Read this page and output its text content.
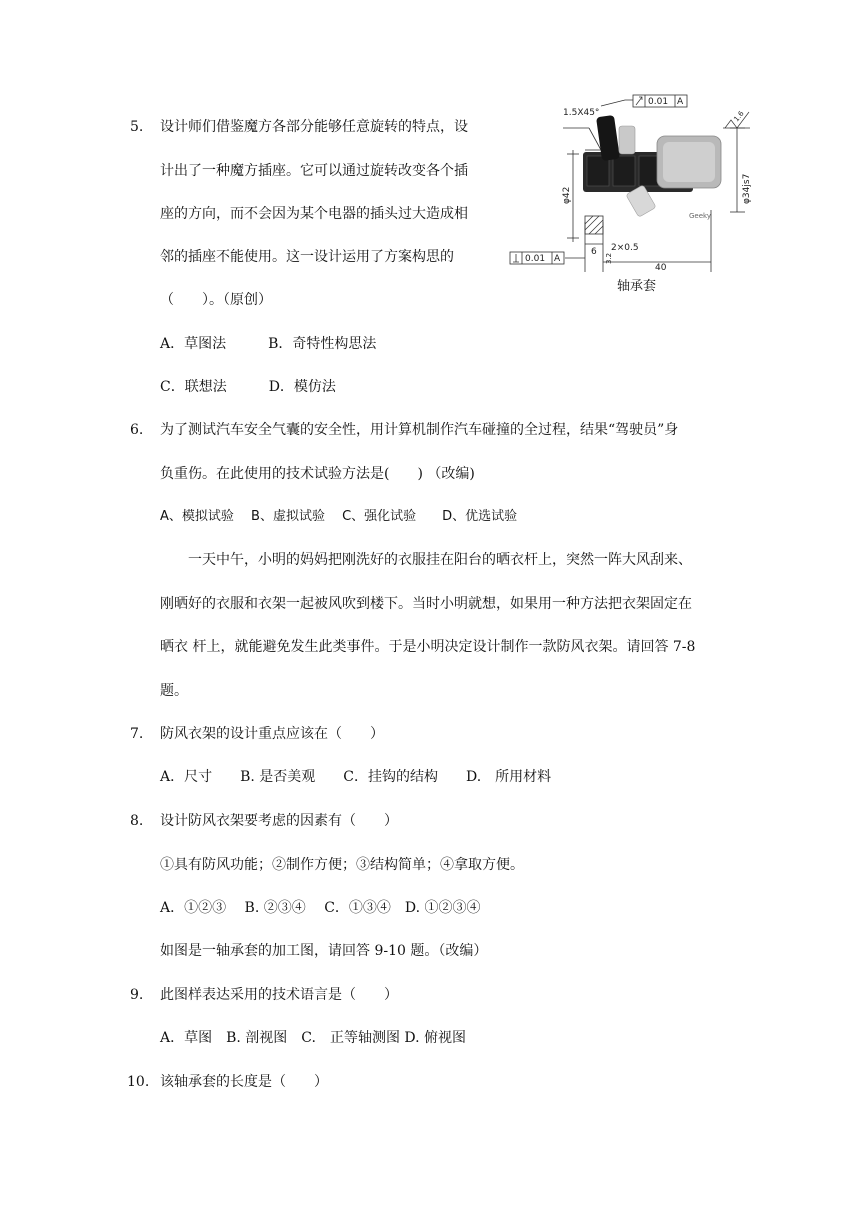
5. 设计师们借鉴魔方各部分能够任意旋转的特点，设
计出了一种魔方插座。它可以通过旋转改变各个插
座的方向，而不会因为某个电器的插头过大造成相
邻的插座不能使用。这一设计运用了方案构思的
（　　）。（原创）
A．草图法　　　B．奇特性构思法
C．联想法　　　D．模仿法
Geeky
1.5X45°
0.01 A
0.01 A
1.6
φ42	φ34js7
6 2×0.5
3.2
40
轴承套
6. 为了测试汽车安全气囊的安全性，用计算机制作汽车碰撞的全过程，结果“驾驶员”身
负重伤。在此使用的技术试验方法是(　　) （改编)
A、模拟试验　 B、虚拟试验　 C、强化试验　　D、优选试验
　　一天中午，小明的妈妈把刚洗好的衣服挂在阳台的晒衣杆上，突然一阵大风刮来、
刚晒好的衣服和衣架一起被风吹到楼下。当时小明就想，如果用一种方法把衣架固定在
晒衣 杆上，就能避免发生此类事件。于是小明决定设计制作一款防风衣架。请回答 7-8
题。
7. 防风衣架的设计重点应该在（　　）
A．尺寸　　B. 是否美观　　C．挂钩的结构　　D.　所用材料
8. 设计防风衣架要考虑的因素有（　　）
①具有防风功能；②制作方便；③结构简单；④拿取方便。
A．①②③　 B. ②③④　 C．①③④　D. ①②③④
如图是一轴承套的加工图，请回答 9-10 题。（改编）
9. 此图样表达采用的技术语言是（　　）
A．草图　B. 剖视图　C.　正等轴测图 D. 俯视图
10. 该轴承套的长度是（　　）
